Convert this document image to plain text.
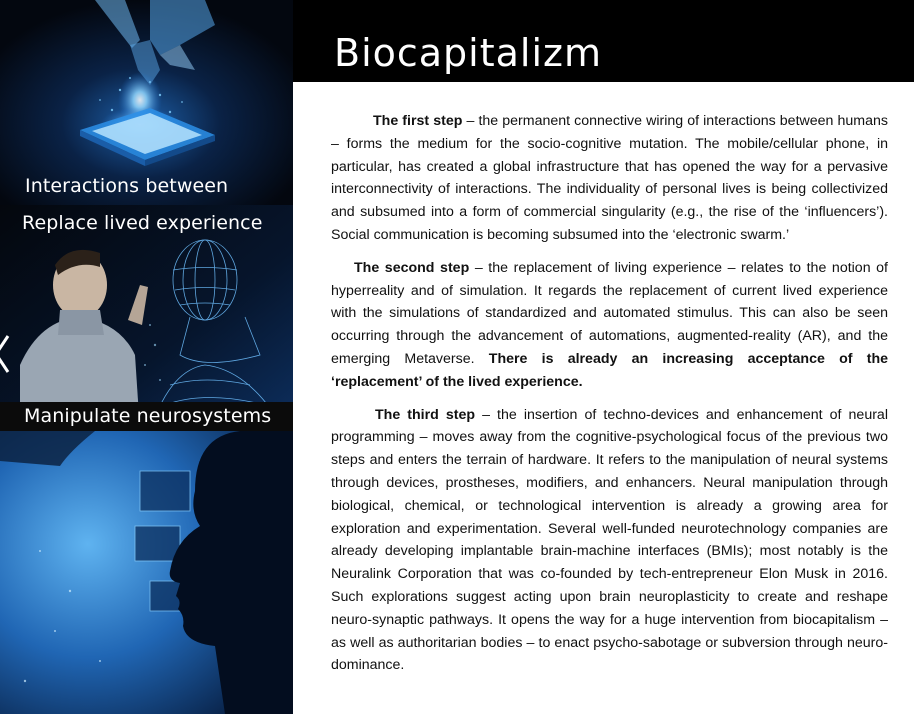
Interactions between
Replace lived experience
Manipulate neurosystems
Biocapitalizm

The first step – the permanent connective wiring of interactions between humans – forms the medium for the socio-cognitive mutation. The mobile/cellular phone, in particular, has created a global infrastructure that has opened the way for a pervasive interconnectivity of interactions. The individuality of personal lives is being collectivized and subsumed into a form of commercial singularity (e.g., the rise of the ‘influencers’). Social communication is becoming subsumed into the ‘electronic swarm.’

The second step – the replacement of living experience – relates to the notion of hyperreality and of simulation. It regards the replacement of current lived experience with the simulations of standardized and automated stimulus. This can also be seen occurring through the advancement of automations, augmented-reality (AR), and the emerging Metaverse. There is already an increasing acceptance of the ‘replacement’ of the lived experience.

The third step – the insertion of techno-devices and enhancement of neural programming – moves away from the cognitive-psychological focus of the previous two steps and enters the terrain of hardware. It refers to the manipulation of neural systems through devices, prostheses, modifiers, and enhancers. Neural manipulation through biological, chemical, or technological intervention is already a growing area for exploration and experimentation. Several well-funded neurotechnology companies are already developing implantable brain-machine interfaces (BMIs); most notably is the Neuralink Corporation that was co-founded by tech-entrepreneur Elon Musk in 2016. Such explorations suggest acting upon brain neuroplasticity to create and reshape neuro-synaptic pathways. It opens the way for a huge intervention from biocapitalism – as well as authoritarian bodies – to enact psycho-sabotage or subversion through neuro-dominance.
